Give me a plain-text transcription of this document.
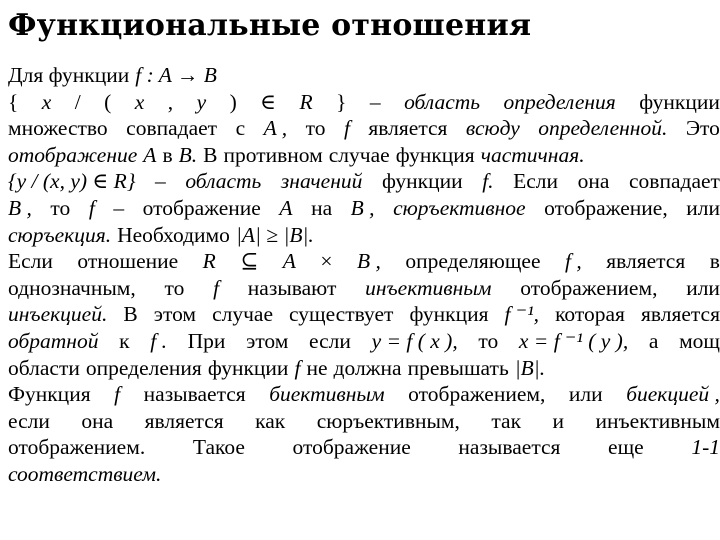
Функциональные отношения
Для функции f : A → B
{ x / ( x , y ) ∈ R } – область определения функции
множество совпадает с A , то f является всюду определенной. Это
отображение A в B. В противном случае функция частичная.
{y / (x, y) ∈ R} – область значений функции f. Если она совпадает
B , то f – отображение A на B , сюръективное отображение, или
сюръекция. Необходимо |A| ≥ |B|.
Если отношение R ⊆ A × B , определяющее f , является в
однозначным, то f называют инъективным отображением, или
инъекцией. В этом случае существует функция f ⁻¹, которая является
обратной к f . При этом если y = f ( x ), то x = f ⁻¹ ( y ), а мощ
области определения функции f не должна превышать |B|.
Функция f называется биективным отображением, или биекцией ,
если она является как сюръективным, так и инъективным
отображением. Такое отображение называется еще 1-1
соответствием.
